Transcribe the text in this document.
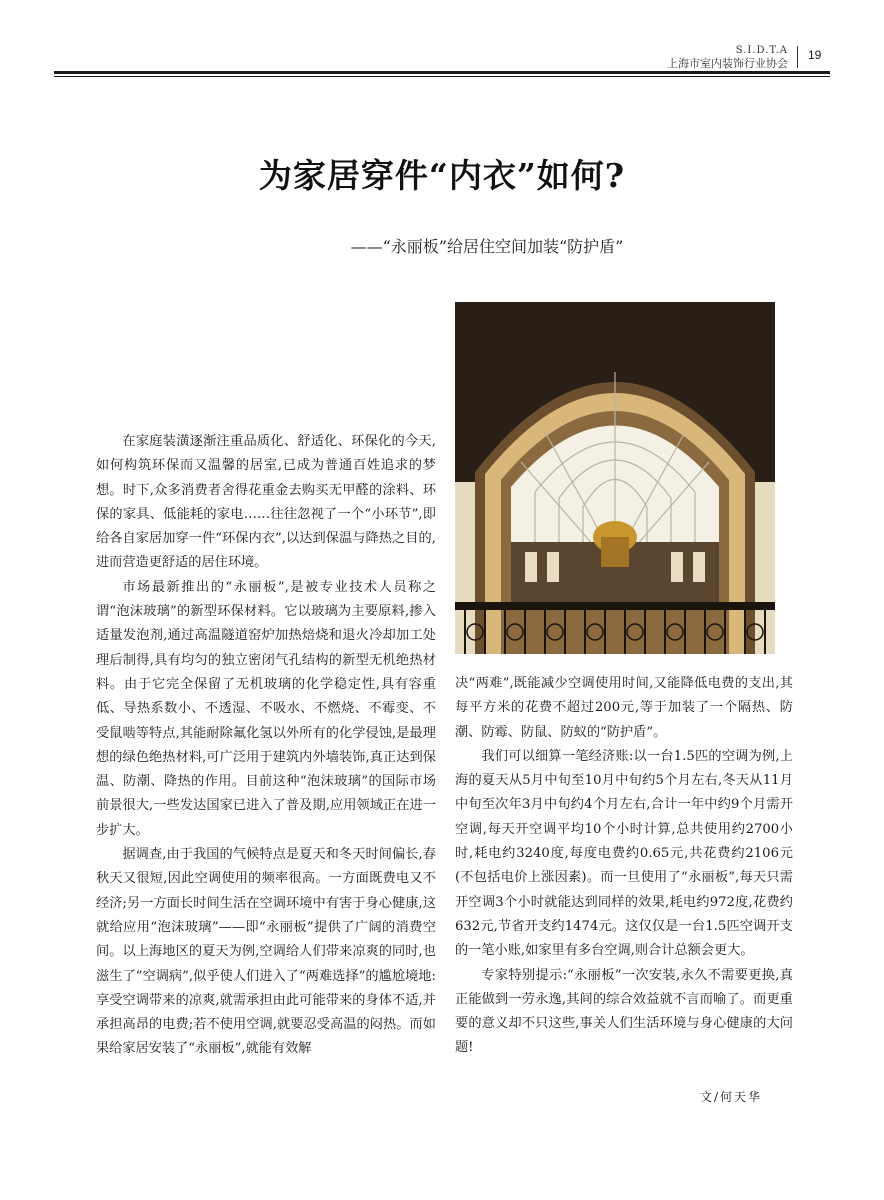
S.I.D.T.A
上海市室内装饰行业协会
19
为家居穿件“内衣”如何?
——“永丽板”给居住空间加装“防护盾”

在家庭装潢逐渐注重品质化、舒适化、环保化的今天,如何构筑环保而又温馨的居室,已成为普通百姓追求的梦想。时下,众多消费者舍得花重金去购买无甲醛的涂料、环保的家具、低能耗的家电……往往忽视了一个“小环节”,即给各自家居加穿一件“环保内衣”,以达到保温与降热之目的,进而营造更舒适的居住环境。

市场最新推出的“永丽板”,是被专业技术人员称之谓“泡沫玻璃”的新型环保材料。它以玻璃为主要原料,掺入适量发泡剂,通过高温隧道窑炉加热焙烧和退火冷却加工处理后制得,具有均匀的独立密闭气孔结构的新型无机绝热材料。由于它完全保留了无机玻璃的化学稳定性,具有容重低、导热系数小、不透湿、不吸水、不燃烧、不霉变、不受鼠啮等特点,其能耐除氟化氢以外所有的化学侵蚀,是最理想的绿色绝热材料,可广泛用于建筑内外墙装饰,真正达到保温、防潮、降热的作用。目前这种“泡沫玻璃”的国际市场前景很大,一些发达国家已进入了普及期,应用领域正在进一步扩大。

据调查,由于我国的气候特点是夏天和冬天时间偏长,春秋天又很短,因此空调使用的频率很高。一方面既费电又不经济;另一方面长时间生活在空调环境中有害于身心健康,这就给应用“泡沫玻璃”——即“永丽板”提供了广阔的消费空间。以上海地区的夏天为例,空调给人们带来凉爽的同时,也滋生了“空调病”,似乎使人们进入了“两难选择”的尴尬境地:享受空调带来的凉爽,就需承担由此可能带来的身体不适,并承担高昂的电费;若不使用空调,就要忍受高温的闷热。而如果给家居安装了“永丽板”,就能有效解

决“两难”,既能减少空调使用时间,又能降低电费的支出,其每平方米的花费不超过200元,等于加装了一个隔热、防潮、防霉、防鼠、防蚁的“防护盾”。

我们可以细算一笔经济账:以一台1.5匹的空调为例,上海的夏天从5月中旬至10月中旬约5个月左右,冬天从11月中旬至次年3月中旬约4个月左右,合计一年中约9个月需开空调,每天开空调平均10个小时计算,总共使用约2700小时,耗电约3240度,每度电费约0.65元,共花费约2106元(不包括电价上涨因素)。而一旦使用了“永丽板”,每天只需开空调3个小时就能达到同样的效果,耗电约972度,花费约632元,节省开支约1474元。这仅仅是一台1.5匹空调开支的一笔小账,如家里有多台空调,则合计总额会更大。

专家特别提示:“永丽板”一次安装,永久不需要更换,真正能做到一劳永逸,其间的综合效益就不言而喻了。而更重要的意义却不只这些,事关人们生活环境与身心健康的大问题!

文/何天华
